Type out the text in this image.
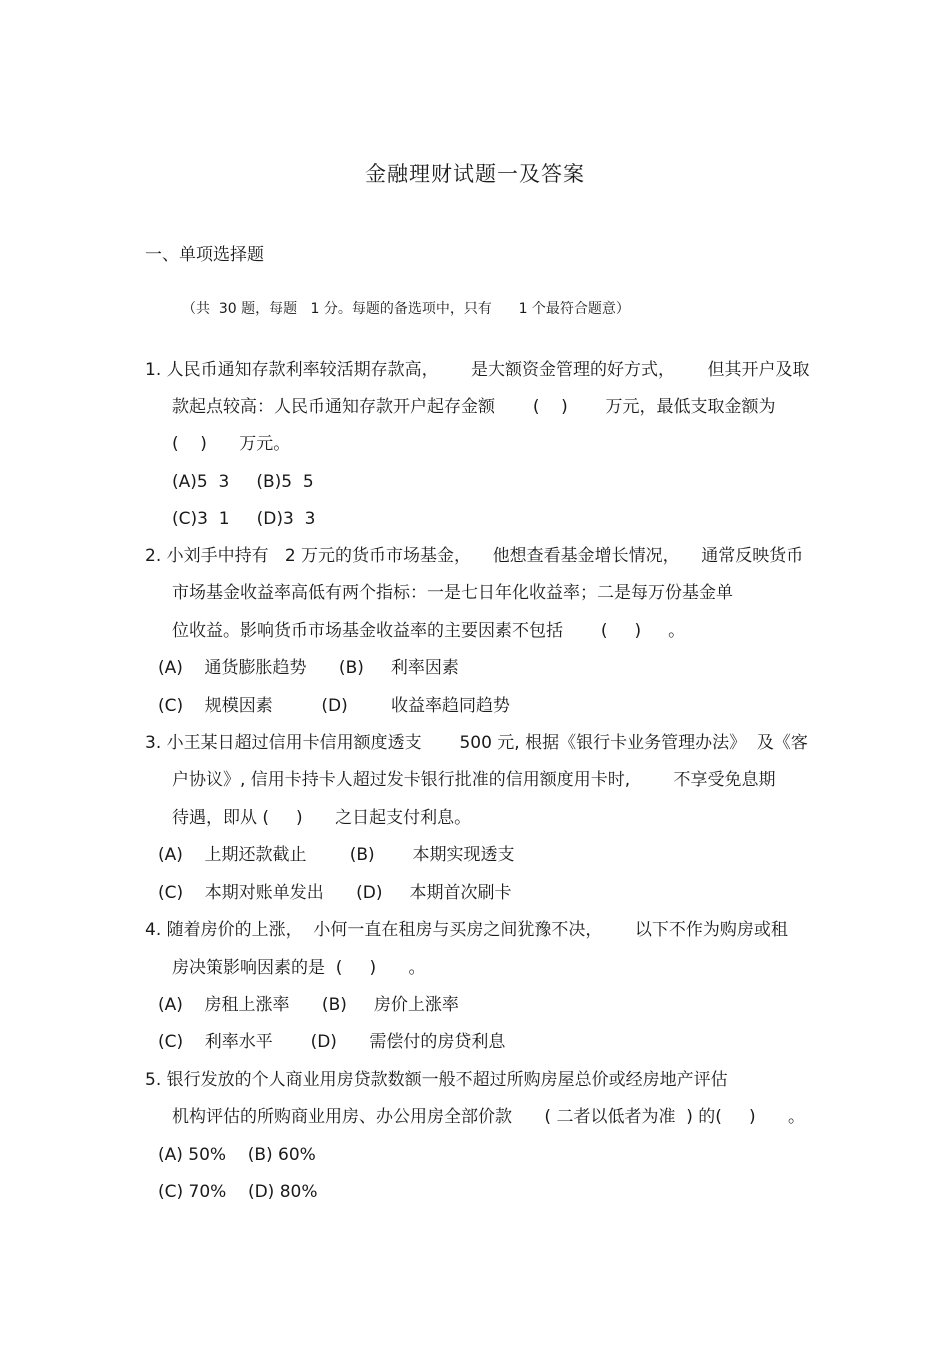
金融理财试题一及答案
一、单项选择题
（共  30 题，每题   1 分。每题的备选项中，只有      1 个最符合题意）
1. 人民币通知存款利率较活期存款高，      是大额资金管理的好方式，      但其开户及取
款起点较高：人民币通知存款开户起存金额       (    )       万元，最低支取金额为
(    )      万元。
(A)5  3     (B)5  5
(C)3  1     (D)3  3
2. 小刘手中持有   2 万元的货币市场基金，    他想查看基金增长情况，    通常反映货币
市场基金收益率高低有两个指标：一是七日年化收益率；二是每万份基金单
位收益。影响货币市场基金收益率的主要因素不包括       (     )     。
(A)    通货膨胀趋势      (B)     利率因素
(C)    规模因素         (D)        收益率趋同趋势
3. 小王某日超过信用卡信用额度透支       500 元, 根据《银行卡业务管理办法》  及《客
户协议》, 信用卡持卡人超过发卡银行批准的信用额度用卡时,        不享受免息期
待遇，即从 (     )      之日起支付利息。
(A)    上期还款截止        (B)       本期实现透支
(C)    本期对账单发出      (D)     本期首次刷卡
4. 随着房价的上涨，  小何一直在租房与买房之间犹豫不决，      以下不作为购房或租
房决策影响因素的是  (     )      。
(A)    房租上涨率      (B)     房价上涨率
(C)    利率水平       (D)      需偿付的房贷利息
5. 银行发放的个人商业用房贷款数额一般不超过所购房屋总价或经房地产评估
机构评估的所购商业用房、办公用房全部价款      ( 二者以低者为准  ) 的(     )      。
(A) 50%    (B) 60%
(C) 70%    (D) 80%
